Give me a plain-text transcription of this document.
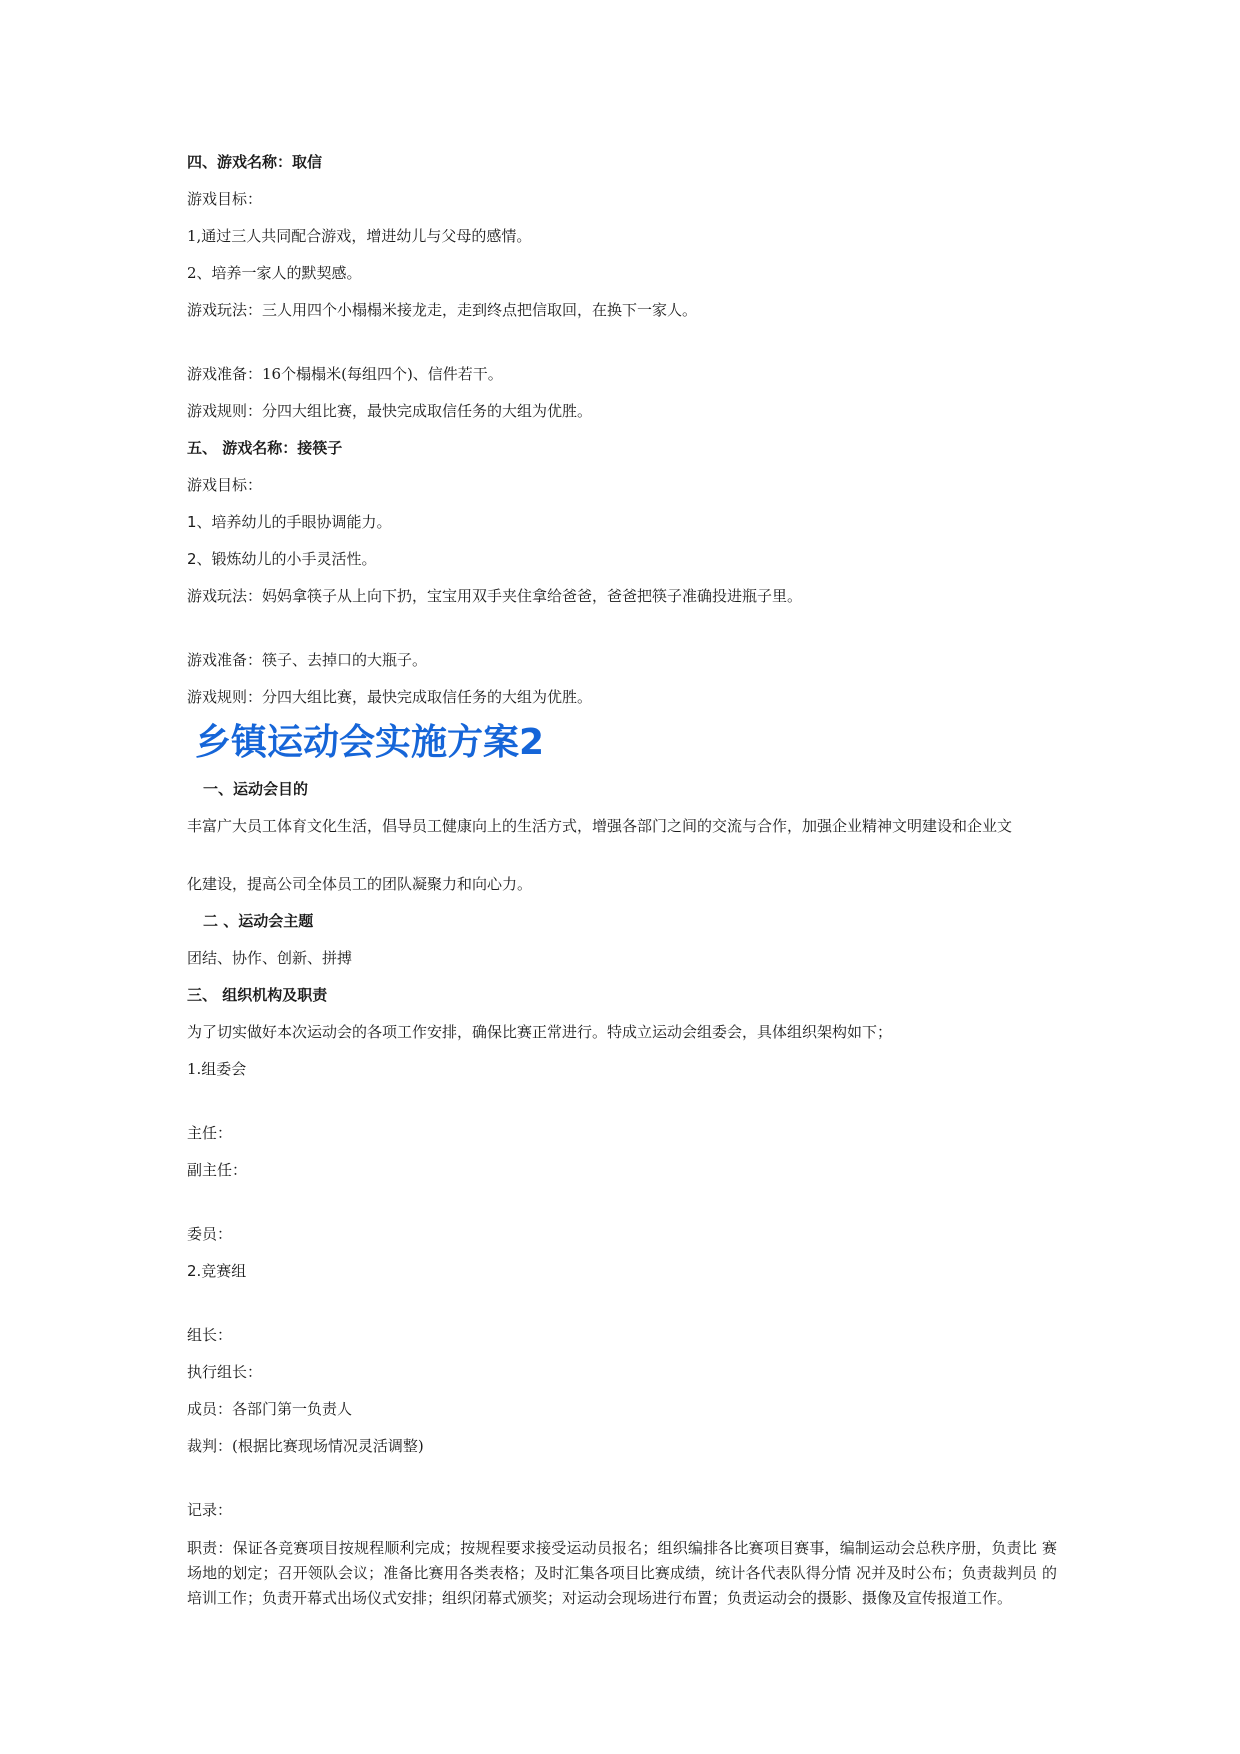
四、游戏名称：取信

游戏目标：

1,通过三人共同配合游戏，增进幼儿与父母的感情。

2、培养一家人的默契感。

游戏玩法：三人用四个小榻榻米接龙走，走到终点把信取回，在换下一家人。

游戏准备：16个榻榻米(每组四个)、信件若干。

游戏规则：分四大组比赛，最快完成取信任务的大组为优胜。

五、 游戏名称：接筷子

游戏目标：

1、培养幼儿的手眼协调能力。

2、锻炼幼儿的小手灵活性。

游戏玩法：妈妈拿筷子从上向下扔，宝宝用双手夹住拿给爸爸，爸爸把筷子准确投进瓶子里。

游戏准备：筷子、去掉口的大瓶子。

游戏规则：分四大组比赛，最快完成取信任务的大组为优胜。

乡镇运动会实施方案2

一、运动会目的

丰富广大员工体育文化生活，倡导员工健康向上的生活方式，增强各部门之间的交流与合作，加强企业精神文明建设和企业文

化建设，提高公司全体员工的团队凝聚力和向心力。

二 、运动会主题

团结、协作、创新、拼搏

三、 组织机构及职责

为了切实做好本次运动会的各项工作安排，确保比赛正常进行。特成立运动会组委会，具体组织架构如下；

1.组委会

主任：

副主任：

委员：

2.竞赛组

组长：

执行组长：

成员：各部门第一负责人

裁判：(根据比赛现场情况灵活调整)

记录：

职责：保证各竞赛项目按规程顺利完成；按规程要求接受运动员报名；组织编排各比赛项目赛事，编制运动会总秩序册，负责比 赛场地的划定；召开领队会议；准备比赛用各类表格；及时汇集各项目比赛成绩，统计各代表队得分情 况并及时公布；负责裁判员 的培训工作；负责开幕式出场仪式安排；组织闭幕式颁奖；对运动会现场进行布置；负责运动会的摄影、摄像及宣传报道工作。
